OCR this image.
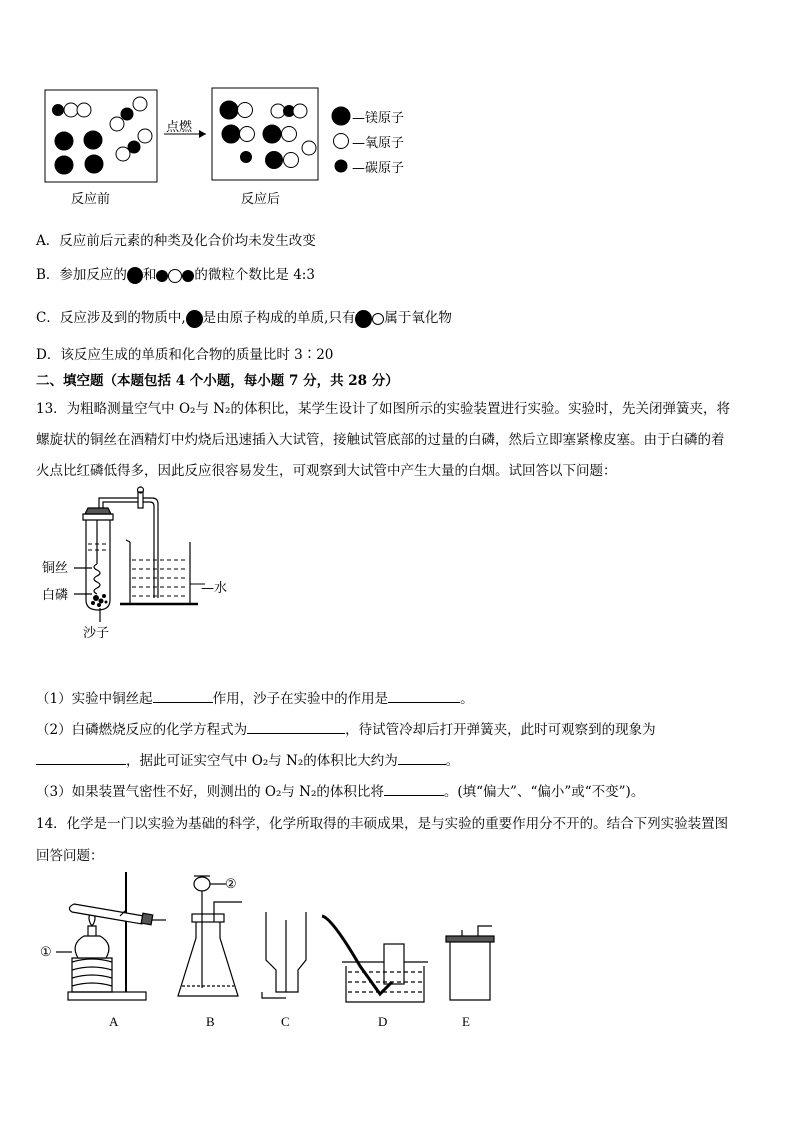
点燃
反应前	反应后
—镁原子
—氧原子
—碳原子
A．反应前后元素的种类及化合价均未发生改变
B．参加反应的 和	的微粒个数比是 4:3
C．反应涉及到的物质中, 是由原子构成的单质,只有 属于氧化物
D．该反应生成的单质和化合物的质量比时 3∶20
二、填空题（本题包括 4 个小题，每小题 7 分，共 28 分）
13．为粗略测量空气中 O₂与 N₂的体积比，某学生设计了如图所示的实验装置进行实验。实验时，先关闭弹簧夹，将
螺旋状的铜丝在酒精灯中灼烧后迅速插入大试管，接触试管底部的过量的白磷，然后立即塞紧橡皮塞。由于白磷的着
火点比红磷低得多，因此反应很容易发生，可观察到大试管中产生大量的白烟。试回答以下问题：
铜丝
白磷
沙子
—水
（1）实验中铜丝起	作用，沙子在实验中的作用是	。
（2）白磷燃烧反应的化学方程式为	，待试管冷却后打开弹簧夹，此时可观察到的现象为
，据此可证实空气中 O₂与 N₂的体积比大约为	。
（3）如果装置气密性不好，则测出的 O₂与 N₂的体积比将	。(填“偏大”、“偏小”或“不变”)。
14．化学是一门以实验为基础的科学，化学所取得的丰硕成果，是与实验的重要作用分不开的。结合下列实验装置图
回答问题：
①
②
A	B	C	D	E
